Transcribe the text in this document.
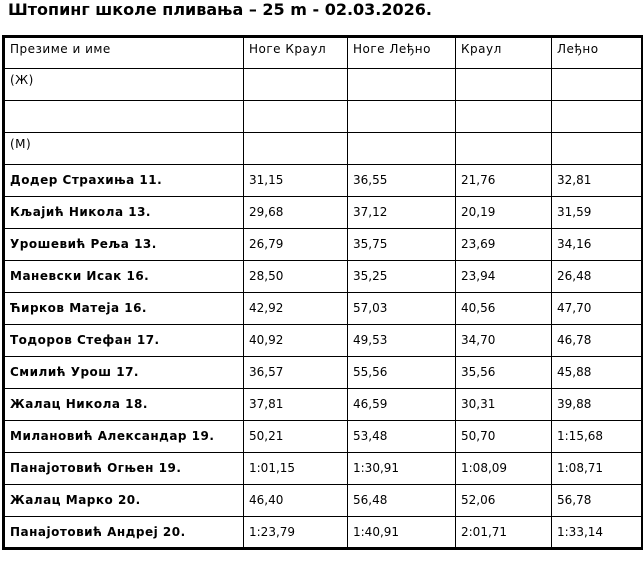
Штопинг школе пливања – 25 m - 02.03.2026.
Презиме и име	Ноге Краул	Ноге Леђно	Краул	Леђно
(Ж)				

(М)				
Додер Страхиња 11.	31,15	36,55	21,76	32,81
Кљајић Никола 13.	29,68	37,12	20,19	31,59
Урошевић Реља 13.	26,79	35,75	23,69	34,16
Маневски Исак 16.	28,50	35,25	23,94	26,48
Ћирков Матеја 16.	42,92	57,03	40,56	47,70
Тодоров Стефан 17.	40,92	49,53	34,70	46,78
Смилић Урош 17.	36,57	55,56	35,56	45,88
Жалац Никола 18.	37,81	46,59	30,31	39,88
Милановић Александар 19.	50,21	53,48	50,70	1:15,68
Панајотовић Огњен 19.	1:01,15	1:30,91	1:08,09	1:08,71
Жалац Марко 20.	46,40	56,48	52,06	56,78
Панајотовић Андреј 20.	1:23,79	1:40,91	2:01,71	1:33,14
